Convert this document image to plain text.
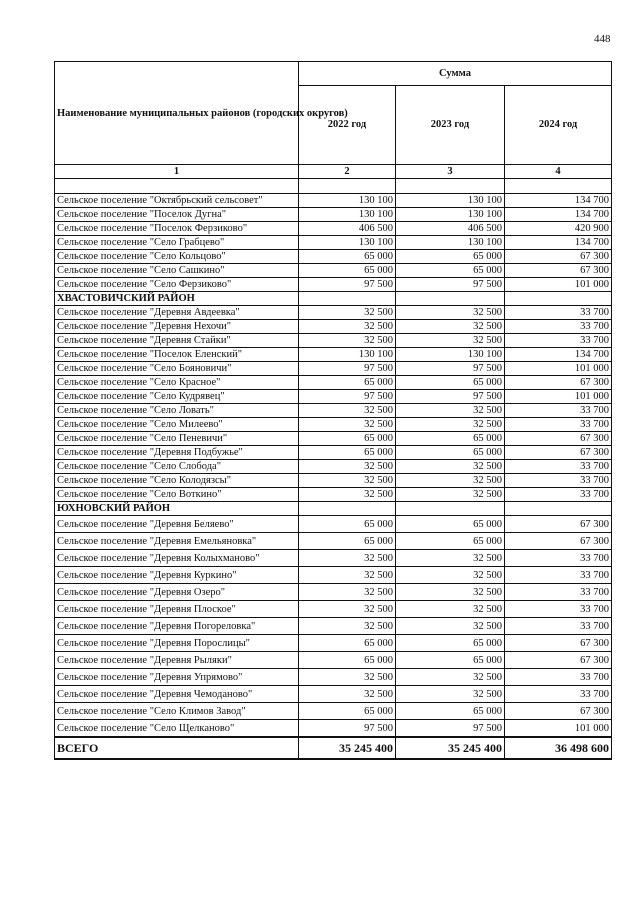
448
Наименование муниципальных районов (городских округов)	Сумма		
	2022 год	2023 год	2024 год
1	2	3	4

Сельское поселение "Октябрьский сельсовет"	130 100	130 100	134 700
Сельское поселение "Поселок Дугна"	130 100	130 100	134 700
Сельское поселение "Поселок Ферзиково"	406 500	406 500	420 900
Сельское поселение "Село Грабцево"	130 100	130 100	134 700
Сельское поселение "Село Кольцово"	65 000	65 000	67 300
Сельское поселение "Село Сашкино"	65 000	65 000	67 300
Сельское поселение "Село Ферзиково"	97 500	97 500	101 000
ХВАСТОВИЧСКИЙ РАЙОН			
Сельское поселение "Деревня Авдеевка"	32 500	32 500	33 700
Сельское поселение "Деревня Нехочи"	32 500	32 500	33 700
Сельское поселение "Деревня Стайки"	32 500	32 500	33 700
Сельское поселение "Поселок Еленский"	130 100	130 100	134 700
Сельское поселение "Село Бояновичи"	97 500	97 500	101 000
Сельское поселение "Село Красное"	65 000	65 000	67 300
Сельское поселение "Село Кудрявец"	97 500	97 500	101 000
Сельское поселение "Село Ловать"	32 500	32 500	33 700
Сельское поселение "Село Милеево"	32 500	32 500	33 700
Сельское поселение "Село Пеневичи"	65 000	65 000	67 300
Сельское поселение "Деревня Подбужье"	65 000	65 000	67 300
Сельское поселение "Село Слобода"	32 500	32 500	33 700
Сельское поселение "Село Колодязсы"	32 500	32 500	33 700
Сельское поселение "Село Воткино"	32 500	32 500	33 700
ЮХНОВСКИЙ РАЙОН			
Сельское поселение "Деревня Беляево"	65 000	65 000	67 300
Сельское поселение "Деревня Емельяновка"	65 000	65 000	67 300
Сельское поселение "Деревня Колыхманово"	32 500	32 500	33 700
Сельское поселение "Деревня Куркино"	32 500	32 500	33 700
Сельское поселение "Деревня Озеро"	32 500	32 500	33 700
Сельское поселение "Деревня Плоское"	32 500	32 500	33 700
Сельское поселение "Деревня Погореловка"	32 500	32 500	33 700
Сельское поселение "Деревня Порослицы"	65 000	65 000	67 300
Сельское поселение "Деревня Рыляки"	65 000	65 000	67 300
Сельское поселение "Деревня Упрямово"	32 500	32 500	33 700
Сельское поселение "Деревня Чемоданово"	32 500	32 500	33 700
Сельское поселение "Село Климов Завод"	65 000	65 000	67 300
Сельское поселение "Село Щелканово"	97 500	97 500	101 000
ВСЕГО	35 245 400	35 245 400	36 498 600
